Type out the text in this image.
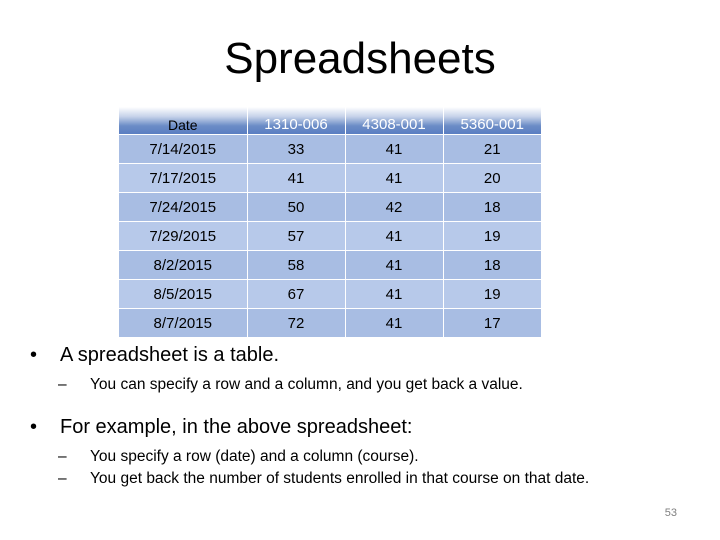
Spreadsheets
Date	1310-006	4308-001	5360-001
7/14/2015	33	41	21
7/17/2015	41	41	20
7/24/2015	50	42	18
7/29/2015	57	41	19
8/2/2015	58	41	18
8/5/2015	67	41	19
8/7/2015	72	41	17

• A spreadsheet is a table.

– You can specify a row and a column, and you get back a value.

• For example, in the above spreadsheet:

– You specify a row (date) and a column (course).

– You get back the number of students enrolled in that course on that date.

53
